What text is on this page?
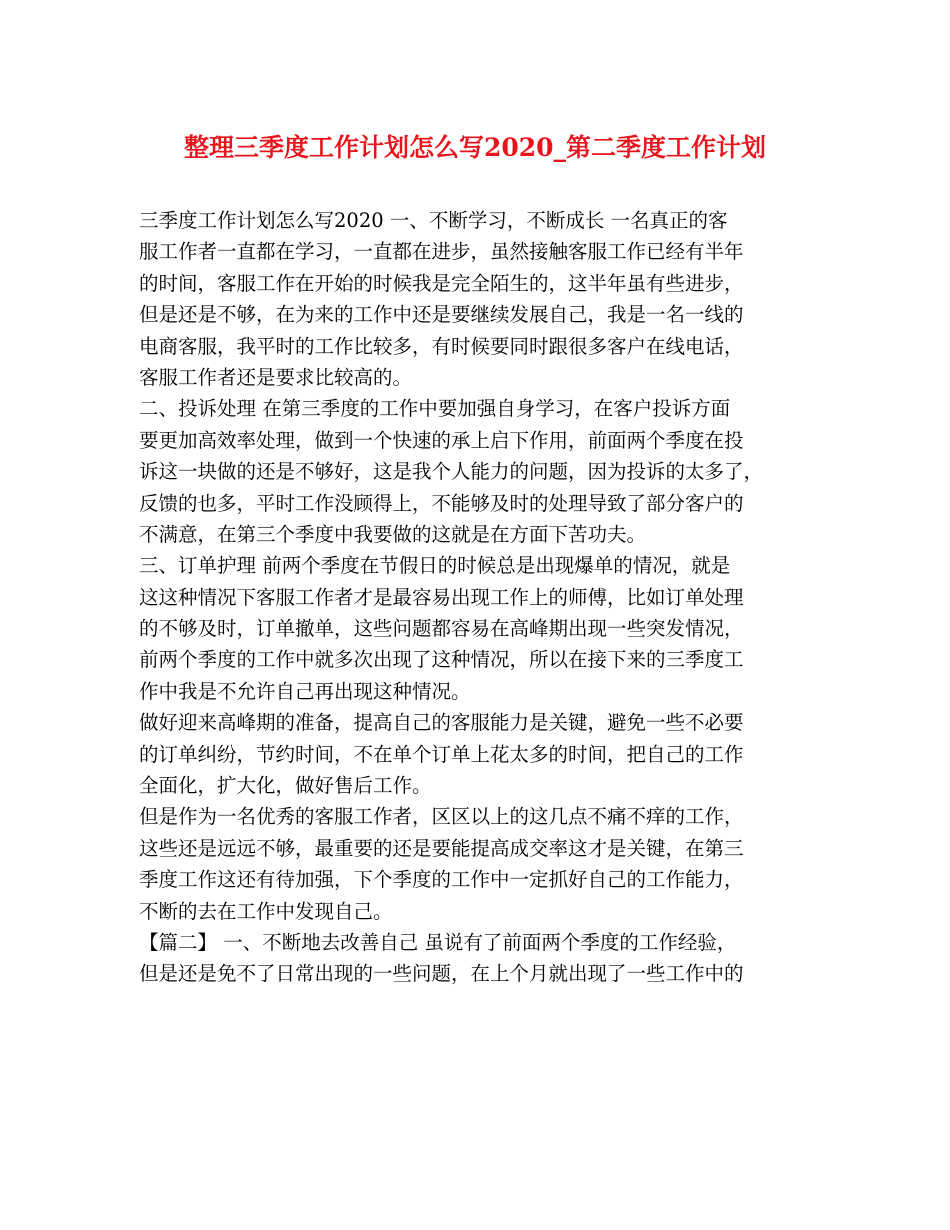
整理三季度工作计划怎么写2020_第二季度工作计划
三季度工作计划怎么写2020 一、不断学习，不断成长 一名真正的客
服工作者一直都在学习，一直都在进步，虽然接触客服工作已经有半年
的时间，客服工作在开始的时候我是完全陌生的，这半年虽有些进步，
但是还是不够，在为来的工作中还是要继续发展自己，我是一名一线的
电商客服，我平时的工作比较多，有时候要同时跟很多客户在线电话，
客服工作者还是要求比较高的。
二、投诉处理 在第三季度的工作中要加强自身学习，在客户投诉方面
要更加高效率处理，做到一个快速的承上启下作用，前面两个季度在投
诉这一块做的还是不够好，这是我个人能力的问题，因为投诉的太多了，
反馈的也多，平时工作没顾得上，不能够及时的处理导致了部分客户的
不满意，在第三个季度中我要做的这就是在方面下苦功夫。
三、订单护理 前两个季度在节假日的时候总是出现爆单的情况，就是
这这种情况下客服工作者才是最容易出现工作上的师傅，比如订单处理
的不够及时，订单撤单，这些问题都容易在高峰期出现一些突发情况，
前两个季度的工作中就多次出现了这种情况，所以在接下来的三季度工
作中我是不允许自己再出现这种情况。
做好迎来高峰期的准备，提高自己的客服能力是关键，避免一些不必要
的订单纠纷，节约时间，不在单个订单上花太多的时间，把自己的工作
全面化，扩大化，做好售后工作。
但是作为一名优秀的客服工作者，区区以上的这几点不痛不痒的工作，
这些还是远远不够，最重要的还是要能提高成交率这才是关键，在第三
季度工作这还有待加强，下个季度的工作中一定抓好自己的工作能力，
不断的去在工作中发现自己。
【篇二】 一、不断地去改善自己 虽说有了前面两个季度的工作经验，
但是还是免不了日常出现的一些问题，在上个月就出现了一些工作中的
